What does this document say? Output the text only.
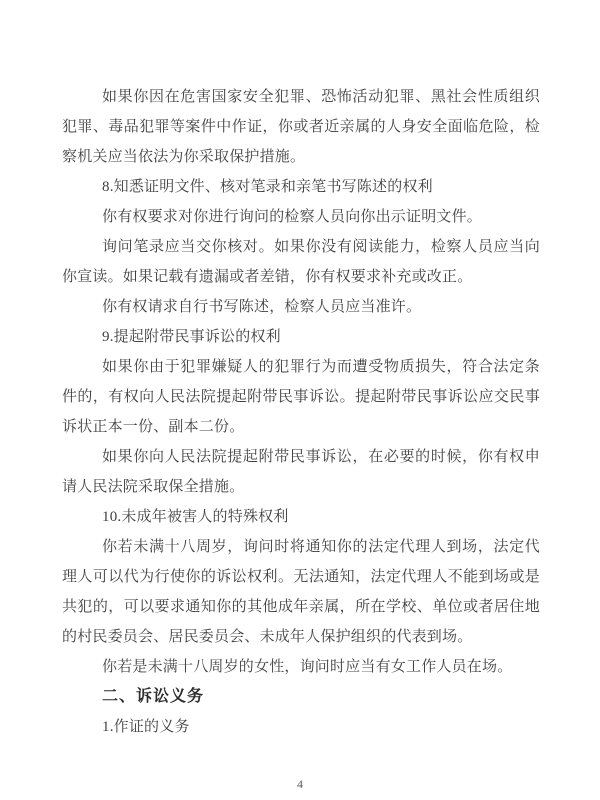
如果你因在危害国家安全犯罪、恐怖活动犯罪、黑社会性质组织犯罪、毒品犯罪等案件中作证，你或者近亲属的人身安全面临危险，检察机关应当依法为你采取保护措施。

8.知悉证明文件、核对笔录和亲笔书写陈述的权利

你有权要求对你进行询问的检察人员向你出示证明文件。

询问笔录应当交你核对。如果你没有阅读能力，检察人员应当向你宣读。如果记载有遗漏或者差错，你有权要求补充或改正。

你有权请求自行书写陈述，检察人员应当准许。

9.提起附带民事诉讼的权利

如果你由于犯罪嫌疑人的犯罪行为而遭受物质损失，符合法定条件的，有权向人民法院提起附带民事诉讼。提起附带民事诉讼应交民事诉状正本一份、副本二份。

如果你向人民法院提起附带民事诉讼，在必要的时候，你有权申请人民法院采取保全措施。

10.未成年被害人的特殊权利

你若未满十八周岁，询问时将通知你的法定代理人到场，法定代理人可以代为行使你的诉讼权利。无法通知，法定代理人不能到场或是共犯的，可以要求通知你的其他成年亲属，所在学校、单位或者居住地的村民委员会、居民委员会、未成年人保护组织的代表到场。

你若是未满十八周岁的女性，询问时应当有女工作人员在场。

二、诉讼义务

1.作证的义务

4
